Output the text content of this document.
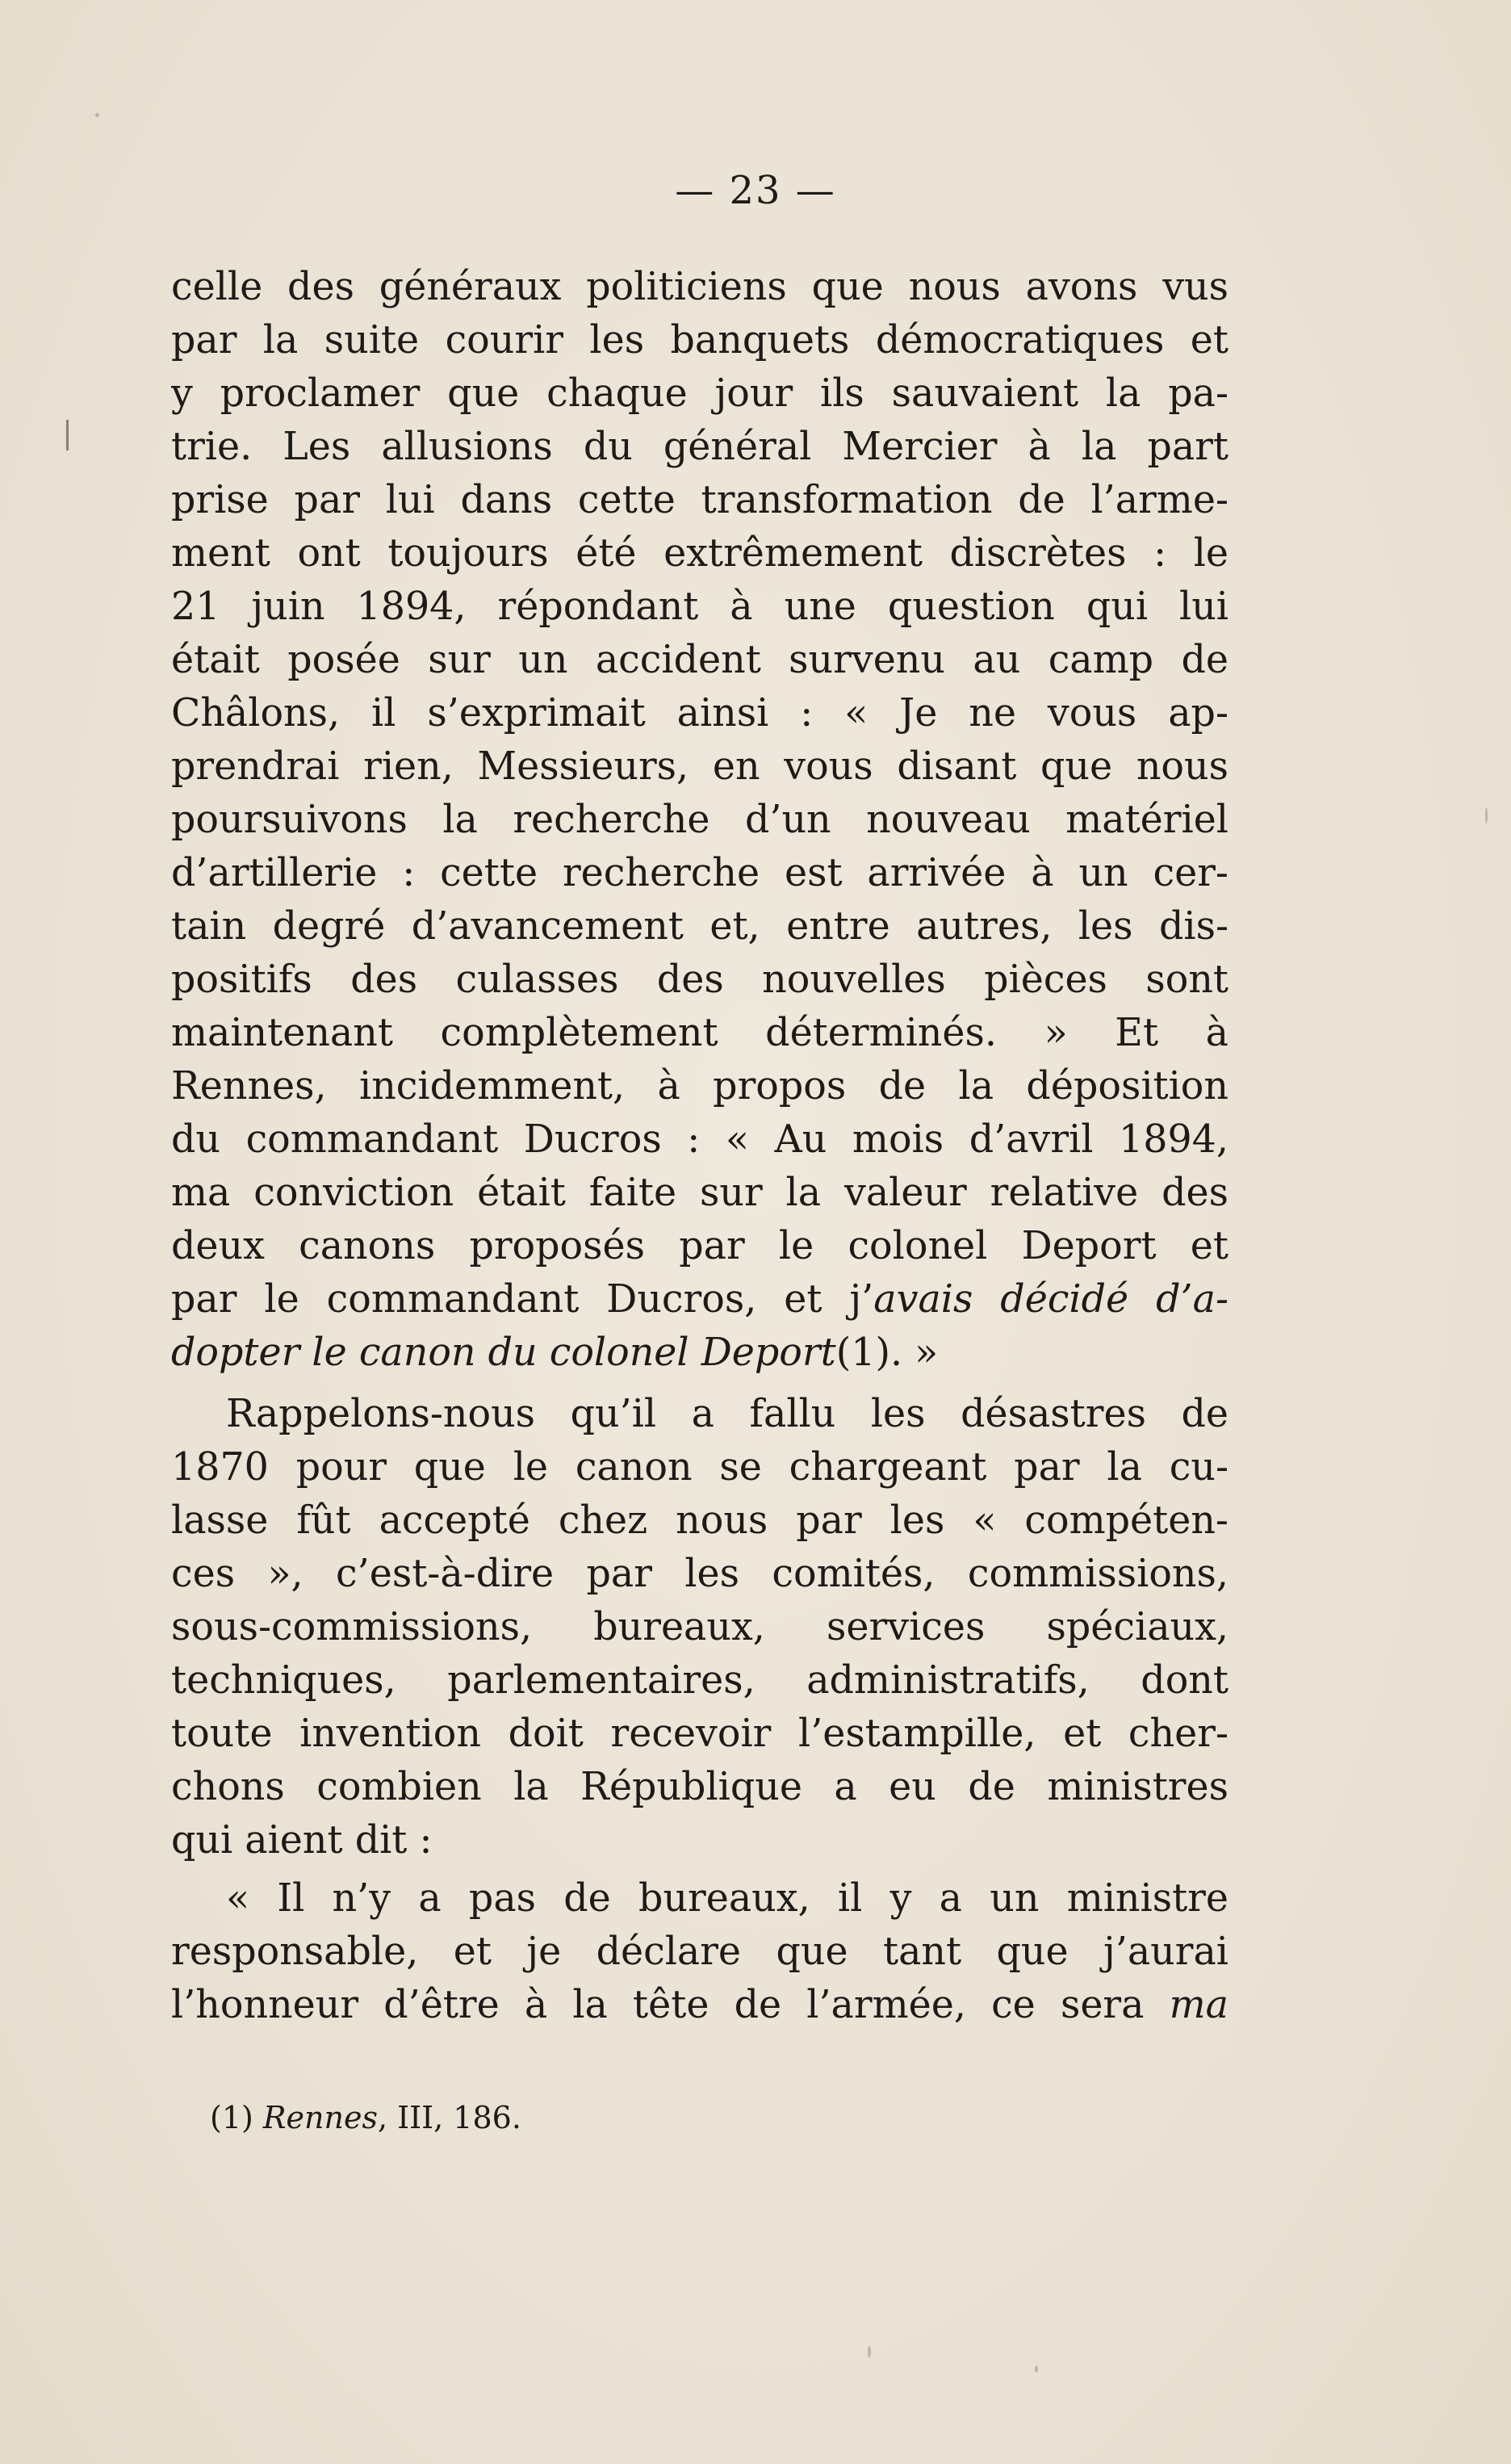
— 23 —
celle des généraux politiciens que nous avons vus
par la suite courir les banquets démocratiques et
y proclamer que chaque jour ils sauvaient la pa-
trie. Les allusions du général Mercier à la part
prise par lui dans cette transformation de l’arme-
ment ont toujours été extrêmement discrètes : le
21 juin 1894, répondant à une question qui lui
était posée sur un accident survenu au camp de
Châlons, il s’exprimait ainsi : « Je ne vous ap-
prendrai rien, Messieurs, en vous disant que nous
poursuivons la recherche d’un nouveau matériel
d’artillerie : cette recherche est arrivée à un cer-
tain degré d’avancement et, entre autres, les dis-
positifs des culasses des nouvelles pièces sont
maintenant complètement déterminés. » Et à
Rennes, incidemment, à propos de la déposition
du commandant Ducros : « Au mois d’avril 1894,
ma conviction était faite sur la valeur relative des
deux canons proposés par le colonel Deport et
par le commandant Ducros, et j’avais décidé d’a-
dopter le canon du colonel Deport(1). »
Rappelons-nous qu’il a fallu les désastres de
1870 pour que le canon se chargeant par la cu-
lasse fût accepté chez nous par les « compéten-
ces », c’est-à-dire par les comités, commissions,
sous-commissions, bureaux, services spéciaux,
techniques, parlementaires, administratifs, dont
toute invention doit recevoir l’estampille, et cher-
chons combien la République a eu de ministres
qui aient dit :
« Il n’y a pas de bureaux, il y a un ministre
responsable, et je déclare que tant que j’aurai
l’honneur d’être à la tête de l’armée, ce sera ma
(1) Rennes, III, 186.
